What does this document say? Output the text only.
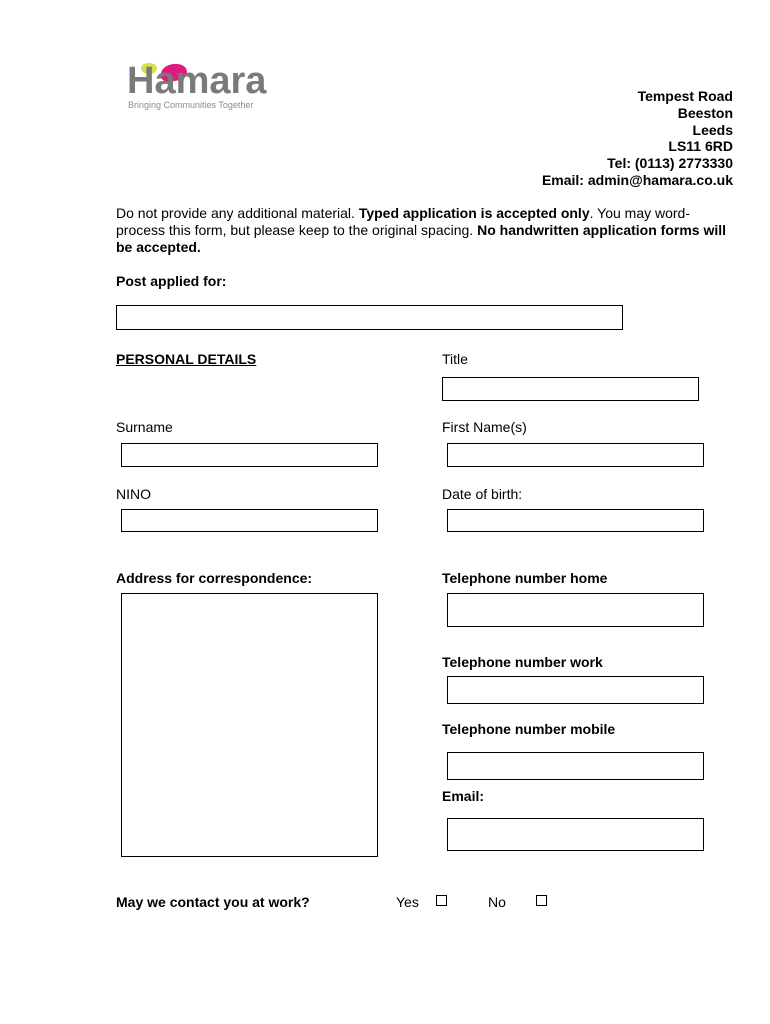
Hamara
Bringing Communities Together
Tempest Road
Beeston
Leeds
LS11 6RD
Tel: (0113) 2773330
Email: admin@hamara.co.uk
Do not provide any additional material. Typed application is accepted only. You may word-process this form, but please keep to the original spacing. No handwritten application forms will be accepted.
Post applied for:
PERSONAL DETAILS	Title
Surname	First Name(s)
NINO	Date of birth:
Address for correspondence:	Telephone number home
Telephone number work
Telephone number mobile
Email:
May we contact you at work?	Yes	No
